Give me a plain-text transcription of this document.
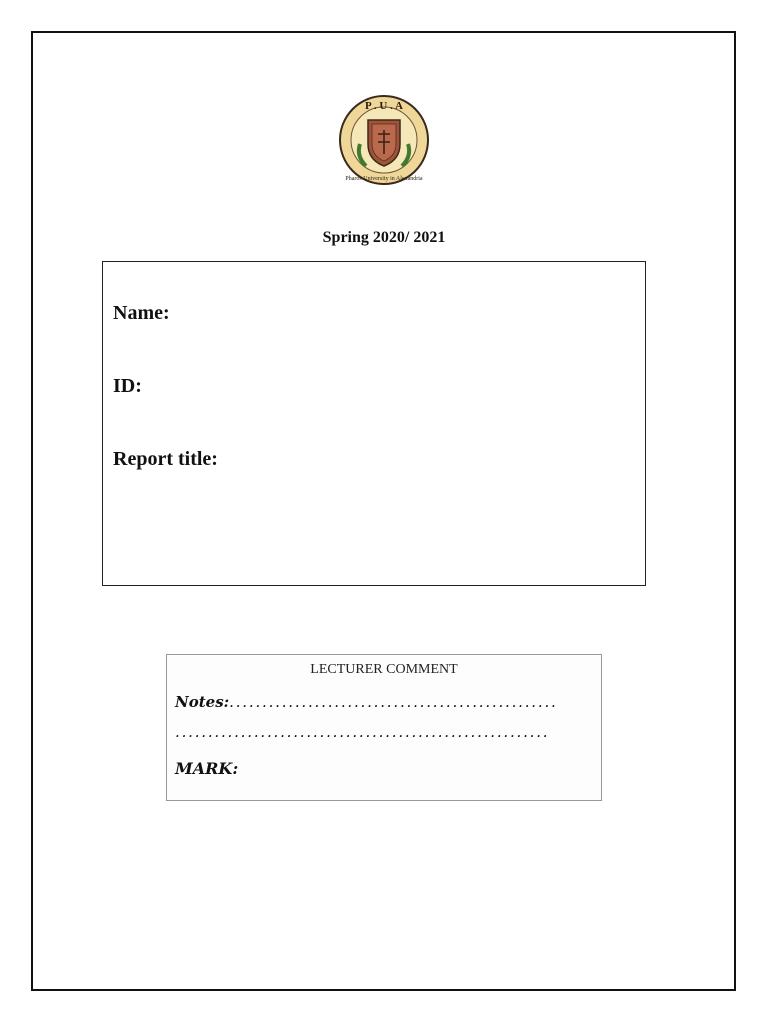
P . U . A
Pharos University in Alexandria
Spring 2020/ 2021
Name:
ID:
Report title:
LECTURER COMMENT
Notes:..................................................
.........................................................
MARK:
